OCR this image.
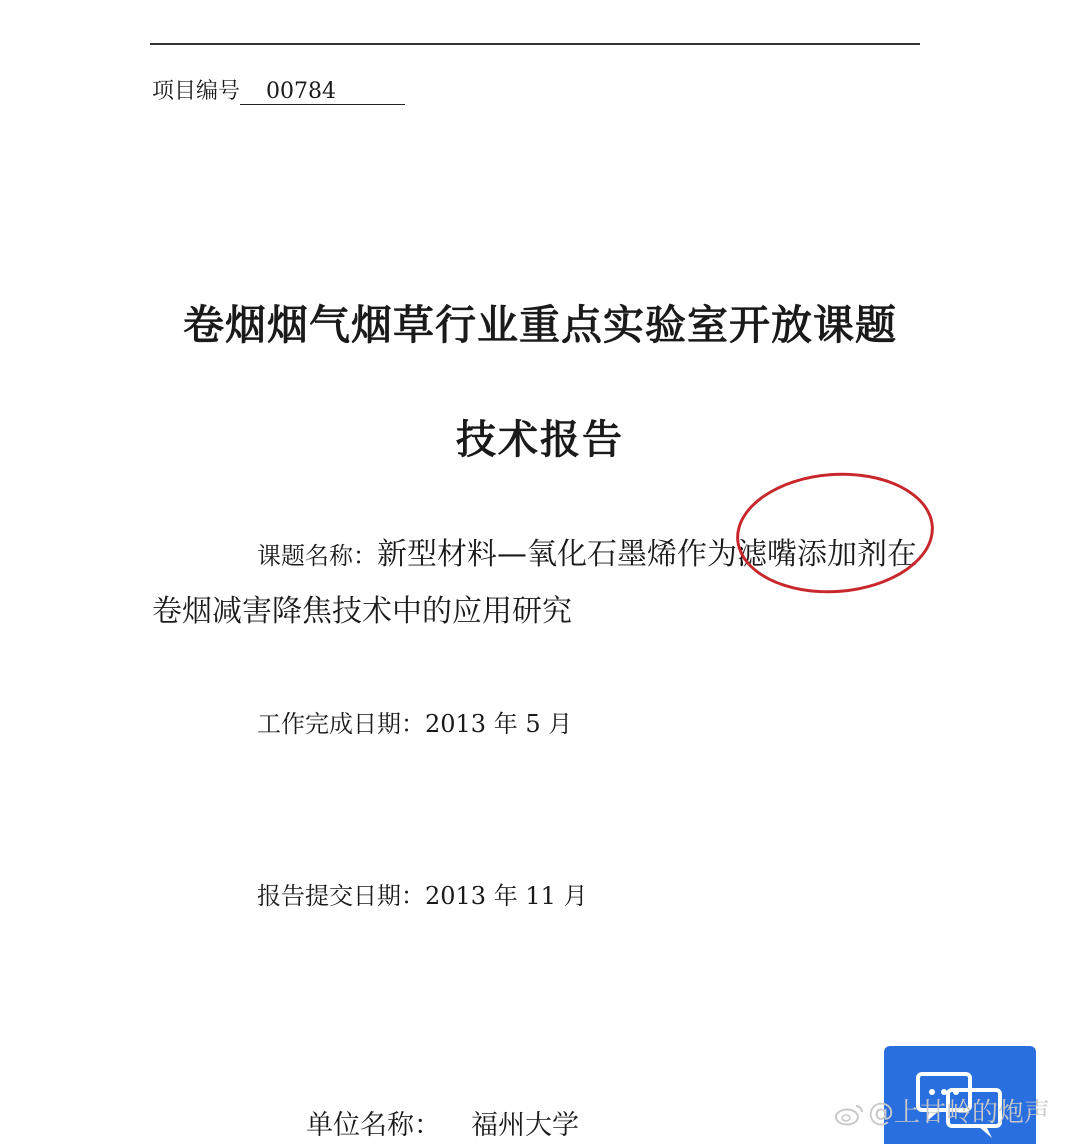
项目编号 00784
卷烟烟气烟草行业重点实验室开放课题
技术报告
课题名称：新型材料—氧化石墨烯作为滤嘴添加剂在卷烟减害降焦技术中的应用研究
工作完成日期：2013 年 5 月
报告提交日期：2013 年 11 月
单位名称： 福州大学	@上甘岭的炮声
